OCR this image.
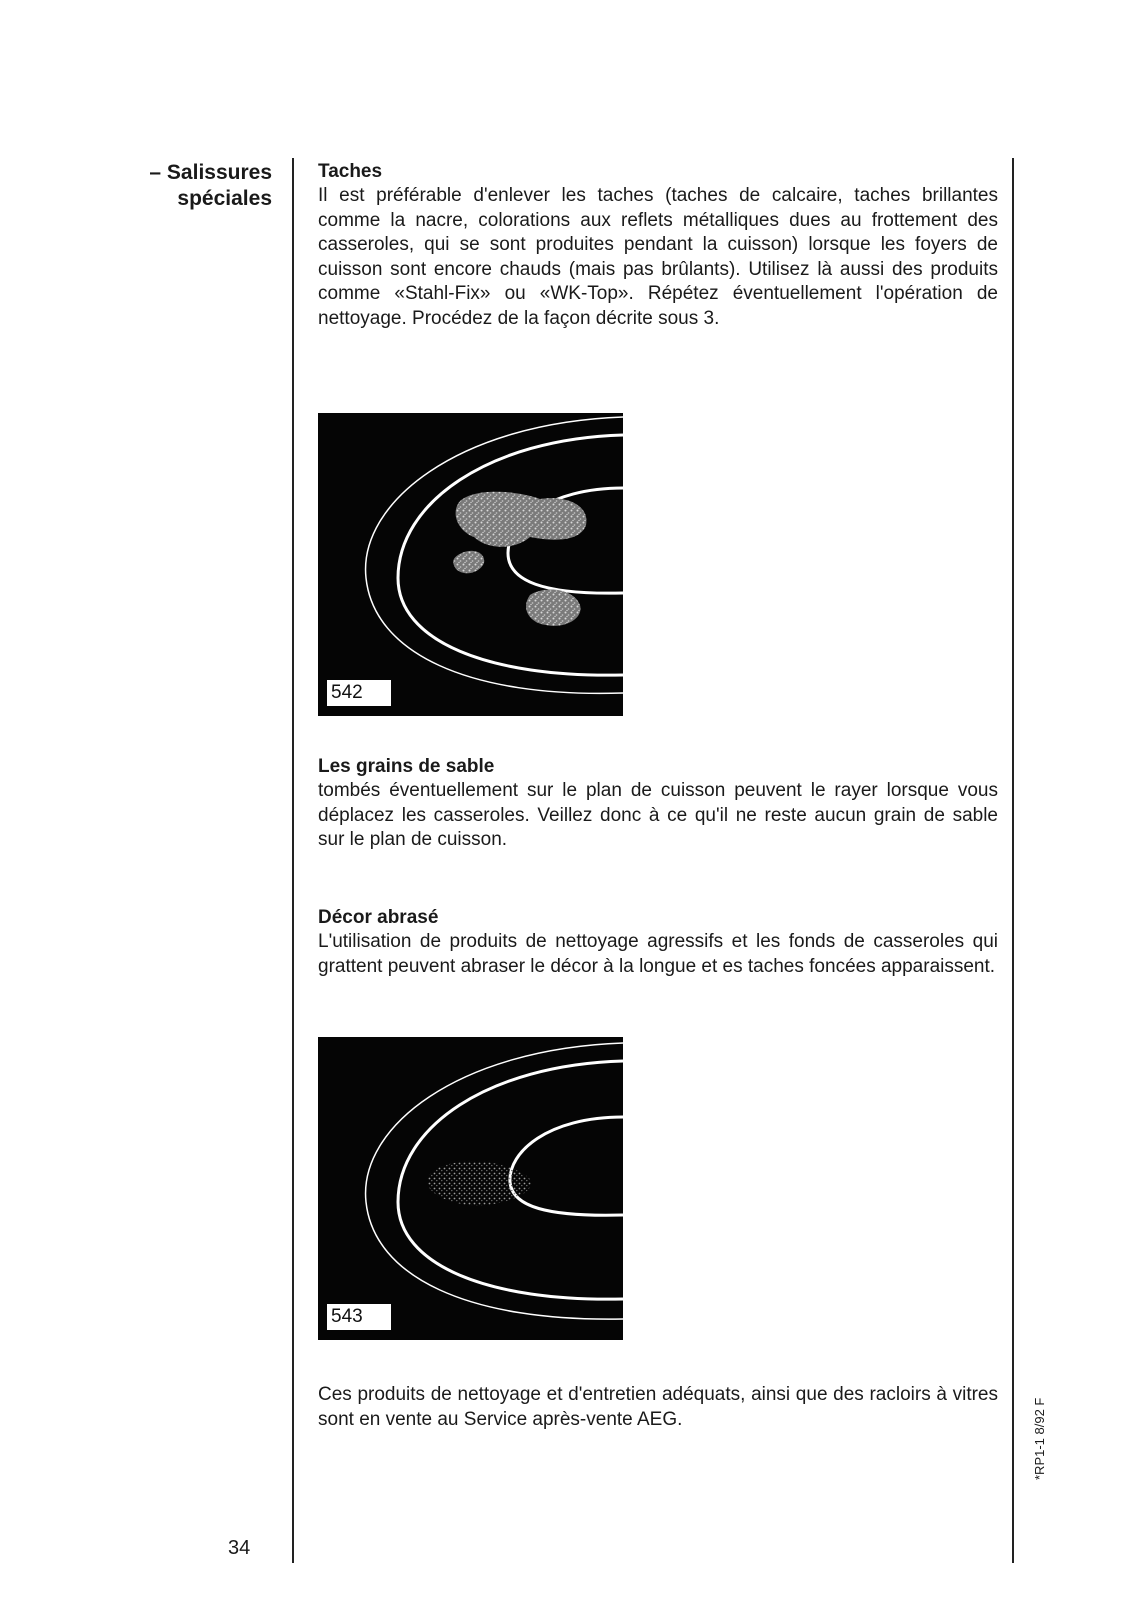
– Salissures
spéciales
Taches

Il est préférable d'enlever les taches (taches de calcaire, taches brillantes comme la nacre, colorations aux reflets métalliques dues au frottement des casseroles, qui se sont produites pendant la cuisson) lorsque les foyers de cuisson sont encore chauds (mais pas brûlants). Utilisez là aussi des produits comme «Stahl-Fix» ou «WK-Top». Répétez éventuellement l'opération de nettoyage. Procédez de la façon décrite sous 3.

542
Les grains de sable

tombés éventuellement sur le plan de cuisson peuvent le rayer lorsque vous déplacez les casseroles. Veillez donc à ce qu'il ne reste aucun grain de sable sur le plan de cuisson.

Décor abrasé

L'utilisation de produits de nettoyage agressifs et les fonds de casseroles qui grattent peuvent abraser le décor à la longue et es taches foncées apparaissent.

543

Ces produits de nettoyage et d'entretien adéquats, ainsi que des racloirs à vitres sont en vente au Service après-vente AEG.

34
*RP1-1 8/92 F
